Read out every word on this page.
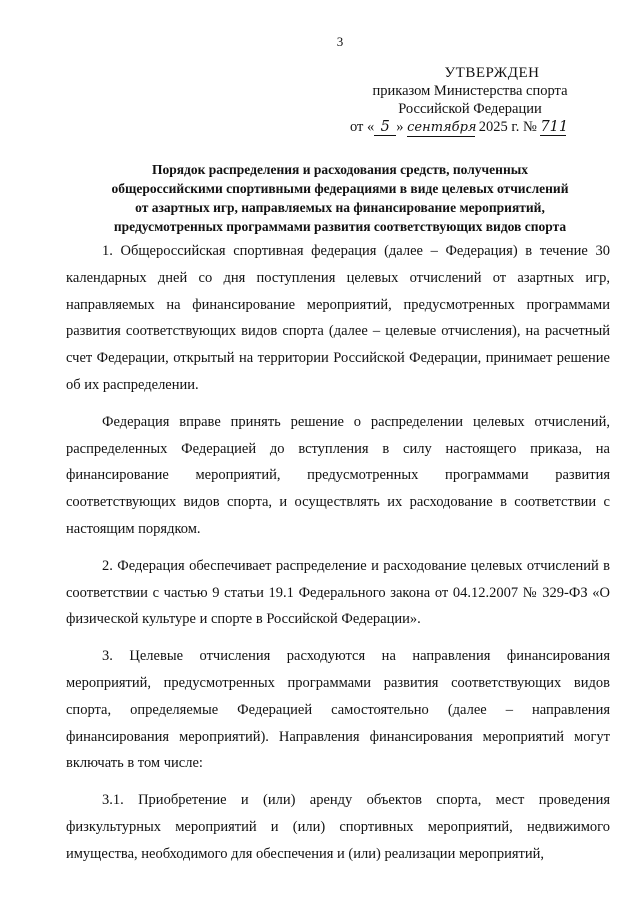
3
УТВЕРЖДЕН
приказом Министерства спорта
Российской Федерации
от « 5 » сентября 2025 г. № 711
Порядок распределения и расходования средств, полученных
общероссийскими спортивными федерациями в виде целевых отчислений
от азартных игр, направляемых на финансирование мероприятий,
предусмотренных программами развития соответствующих видов спорта

1. Общероссийская спортивная федерация (далее – Федерация) в течение 30 календарных дней со дня поступления целевых отчислений от азартных игр, направляемых на финансирование мероприятий, предусмотренных программами развития соответствующих видов спорта (далее – целевые отчисления), на расчетный счет Федерации, открытый на территории Российской Федерации, принимает решение об их распределении.

Федерация вправе принять решение о распределении целевых отчислений, распределенных Федерацией до вступления в силу настоящего приказа, на финансирование мероприятий, предусмотренных программами развития соответствующих видов спорта, и осуществлять их расходование в соответствии с настоящим порядком.

2. Федерация обеспечивает распределение и расходование целевых отчислений в соответствии с частью 9 статьи 19.1 Федерального закона от 04.12.2007 № 329-ФЗ «О физической культуре и спорте в Российской Федерации».

3. Целевые отчисления расходуются на направления финансирования мероприятий, предусмотренных программами развития соответствующих видов спорта, определяемые Федерацией самостоятельно (далее – направления финансирования мероприятий). Направления финансирования мероприятий могут включать в том числе:

3.1. Приобретение и (или) аренду объектов спорта, мест проведения физкультурных мероприятий и (или) спортивных мероприятий, недвижимого имущества, необходимого для обеспечения и (или) реализации мероприятий,
